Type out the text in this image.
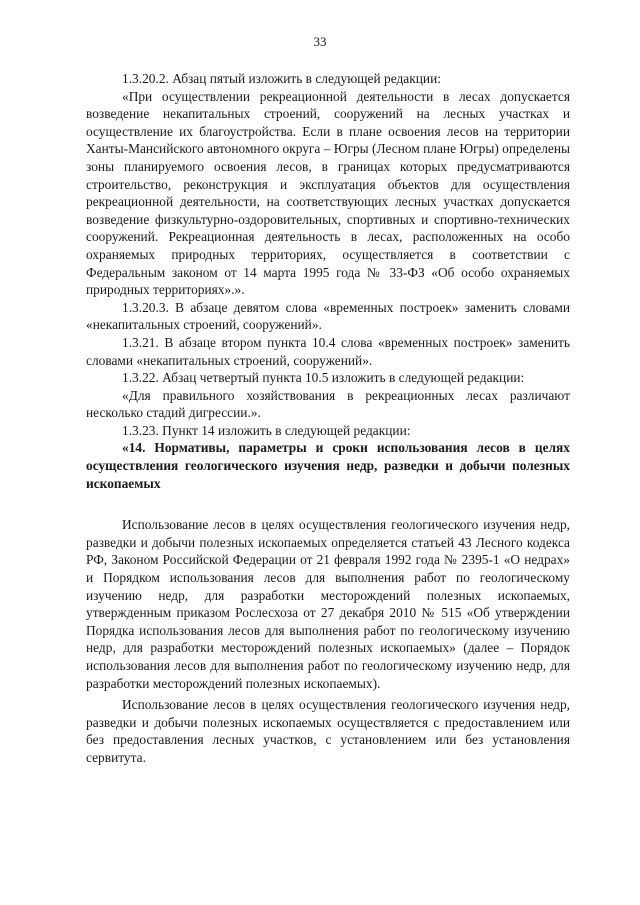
33

1.3.20.2. Абзац пятый изложить в следующей редакции:

«При осуществлении рекреационной деятельности в лесах допускается возведение некапитальных строений, сооружений на лесных участках и осуществление их благоустройства. Если в плане освоения лесов на территории Ханты-Мансийского автономного округа – Югры (Лесном плане Югры) определены зоны планируемого освоения лесов, в границах которых предусматриваются строительство, реконструкция и эксплуатация объектов для осуществления рекреационной деятельности, на соответствующих лесных участках допускается возведение физкультурно-оздоровительных, спортивных и спортивно-технических сооружений. Рекреационная деятельность в лесах, расположенных на особо охраняемых природных территориях, осуществляется в соответствии с Федеральным законом от 14 марта 1995 года № 33-ФЗ «Об особо охраняемых природных территориях».».

1.3.20.3. В абзаце девятом слова «временных построек» заменить словами «некапитальных строений, сооружений».

1.3.21. В абзаце втором пункта 10.4 слова «временных построек» заменить словами «некапитальных строений, сооружений».

1.3.22. Абзац четвертый пункта 10.5 изложить в следующей редакции:

«Для правильного хозяйствования в рекреационных лесах различают несколько стадий дигрессии.».

1.3.23. Пункт 14 изложить в следующей редакции:

«14. Нормативы, параметры и сроки использования лесов в целях осуществления геологического изучения недр, разведки и добычи полезных ископаемых

Использование лесов в целях осуществления геологического изучения недр, разведки и добычи полезных ископаемых определяется статьей 43 Лесного кодекса РФ, Законом Российской Федерации от 21 февраля 1992 года № 2395-1 «О недрах» и Порядком использования лесов для выполнения работ по геологическому изучению недр, для разработки месторождений полезных ископаемых, утвержденным приказом Рослесхоза от 27 декабря 2010 № 515 «Об утверждении Порядка использования лесов для выполнения работ по геологическому изучению недр, для разработки месторождений полезных ископаемых» (далее – Порядок использования лесов для выполнения работ по геологическому изучению недр, для разработки месторождений полезных ископаемых).

Использование лесов в целях осуществления геологического изучения недр, разведки и добычи полезных ископаемых осуществляется с предоставлением или без предоставления лесных участков, с установлением или без установления сервитута.
